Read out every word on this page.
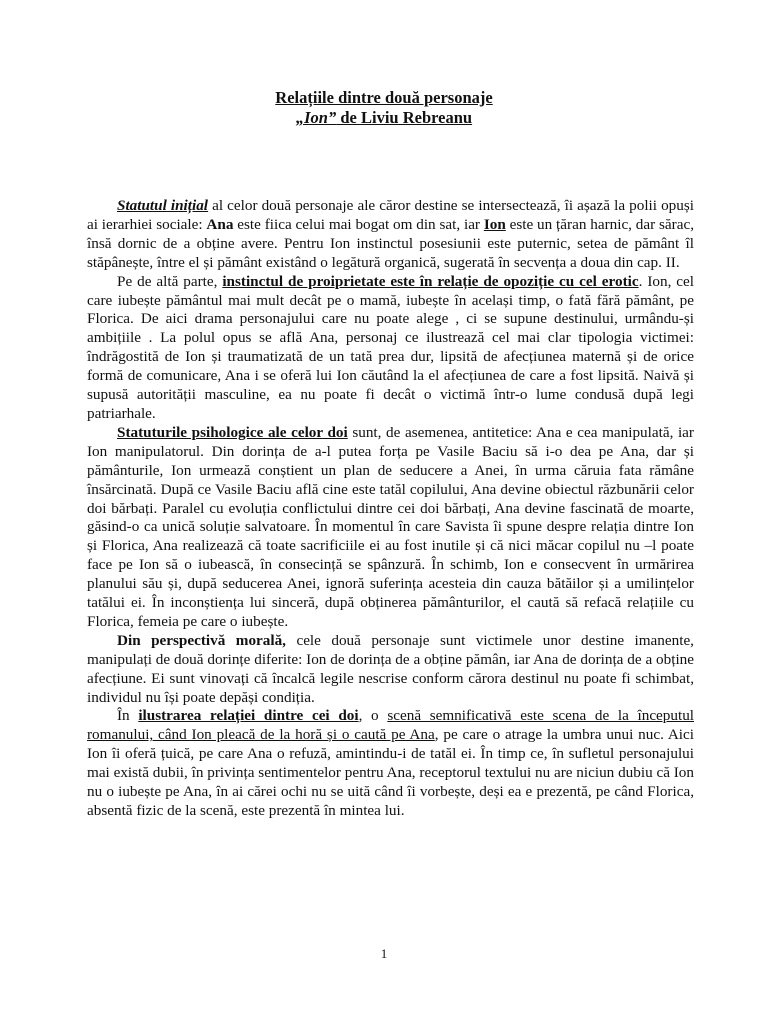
Relațiile dintre două personaje
„Ion” de Liviu Rebreanu

Statutul inițial al celor două personaje ale căror destine se intersectează, îi așază la polii opuși ai ierarhiei sociale: Ana este fiica celui mai bogat om din sat, iar Ion este un țăran harnic, dar sărac, însă dornic de a obține avere. Pentru Ion instinctul posesiunii este puternic, setea de pământ îl stăpânește, între el și pământ existând o legătură organică, sugerată în secvența a doua din cap. II.

Pe de altă parte, instinctul de proiprietate este în relație de opoziție cu cel erotic. Ion, cel care iubește pământul mai mult decât pe o mamă, iubește în același timp, o fată fără pământ, pe Florica. De aici drama personajului care nu poate alege , ci se supune destinului, urmându-și ambițiile . La polul opus se află Ana, personaj ce ilustrează cel mai clar tipologia victimei: îndrăgostită de Ion și traumatizată de un tată prea dur, lipsită de afecțiunea maternă și de orice formă de comunicare, Ana i se oferă lui Ion căutând la el afecțiunea de care a fost lipsită. Naivă și supusă autorității masculine, ea nu poate fi decât o victimă într-o lume condusă după legi patriarhale.

Statuturile psihologice ale celor doi sunt, de asemenea, antitetice: Ana e cea manipulată, iar Ion manipulatorul. Din dorința de a-l putea forța pe Vasile Baciu să i-o dea pe Ana, dar și pământurile, Ion urmează conștient un plan de seducere a Anei, în urma căruia fata rămâne însărcinată. După ce Vasile Baciu află cine este tatăl copilului, Ana devine obiectul răzbunării celor doi bărbați. Paralel cu evoluția conflictului dintre cei doi bărbați, Ana devine fascinată de moarte, găsind-o ca unică soluție salvatoare. În momentul în care Savista îi spune despre relația dintre Ion și Florica, Ana realizează că toate sacrificiile ei au fost inutile și că nici măcar copilul nu –l poate face pe Ion să o iubească, în consecință se spânzură. În schimb, Ion e consecvent în urmărirea planului său și, după seducerea Anei, ignoră suferința acesteia din cauza bătăilor și a umilințelor tatălui ei. În inconștiența lui sinceră, după obținerea pământurilor, el caută să refacă relațiile cu Florica, femeia pe care o iubește.

Din perspectivă morală, cele două personaje sunt victimele unor destine imanente, manipulați de două dorințe diferite: Ion de dorința de a obține pămân, iar Ana de dorința de a obține afecțiune. Ei sunt vinovați că încalcă legile nescrise conform cărora destinul nu poate fi schimbat, individul nu își poate depăși condiția.

În ilustrarea relației dintre cei doi, o scenă semnificativă este scena de la începutul romanului, când Ion pleacă de la horă și o caută pe Ana, pe care o atrage la umbra unui nuc. Aici Ion îi oferă țuică, pe care Ana o refuză, amintindu-i de tatăl ei. În timp ce, în sufletul personajului mai există dubii, în privința sentimentelor pentru Ana, receptorul textului nu are niciun dubiu că Ion nu o iubește pe Ana, în ai cărei ochi nu se uită când îi vorbește, deși ea e prezentă, pe când Florica, absentă fizic de la scenă, este prezentă în mintea lui.

1
